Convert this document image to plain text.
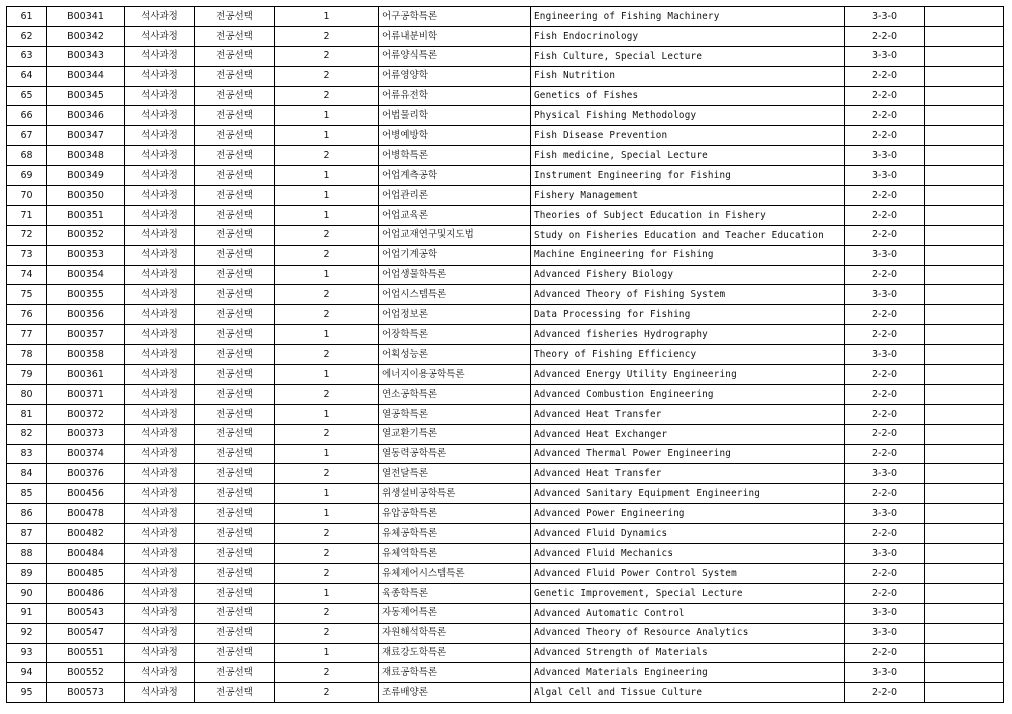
61	B00341	석사과정	전공선택	1	어구공학특론	Engineering of Fishing Machinery	3-3-0	
62	B00342	석사과정	전공선택	2	어류내분비학	Fish Endocrinology	2-2-0	
63	B00343	석사과정	전공선택	2	어류양식특론	Fish Culture, Special Lecture	3-3-0	
64	B00344	석사과정	전공선택	2	어류영양학	Fish Nutrition	2-2-0	
65	B00345	석사과정	전공선택	2	어류유전학	Genetics of Fishes	2-2-0	
66	B00346	석사과정	전공선택	1	어법물리학	Physical Fishing Methodology	2-2-0	
67	B00347	석사과정	전공선택	1	어병예방학	Fish Disease Prevention	2-2-0	
68	B00348	석사과정	전공선택	2	어병학특론	Fish medicine, Special Lecture	3-3-0	
69	B00349	석사과정	전공선택	1	어업계측공학	Instrument Engineering for Fishing	3-3-0	
70	B00350	석사과정	전공선택	1	어업관리론	Fishery Management	2-2-0	
71	B00351	석사과정	전공선택	1	어업교육론	Theories of Subject Education in Fishery	2-2-0	
72	B00352	석사과정	전공선택	2	어업교재연구및지도법	Study on Fisheries Education and Teacher Education	2-2-0	
73	B00353	석사과정	전공선택	2	어업기계공학	Machine Engineering for Fishing	3-3-0	
74	B00354	석사과정	전공선택	1	어업생물학특론	Advanced Fishery Biology	2-2-0	
75	B00355	석사과정	전공선택	2	어업시스템특론	Advanced Theory of Fishing System	3-3-0	
76	B00356	석사과정	전공선택	2	어업정보론	Data Processing for Fishing	2-2-0	
77	B00357	석사과정	전공선택	1	어장학특론	Advanced fisheries Hydrography	2-2-0	
78	B00358	석사과정	전공선택	2	어획성능론	Theory of Fishing Efficiency	3-3-0	
79	B00361	석사과정	전공선택	1	에너지이용공학특론	Advanced Energy Utility Engineering	2-2-0	
80	B00371	석사과정	전공선택	2	연소공학특론	Advanced Combustion Engineering	2-2-0	
81	B00372	석사과정	전공선택	1	열공학특론	Advanced Heat Transfer	2-2-0	
82	B00373	석사과정	전공선택	2	열교환기특론	Advanced Heat Exchanger	2-2-0	
83	B00374	석사과정	전공선택	1	열동력공학특론	Advanced Thermal Power Engineering	2-2-0	
84	B00376	석사과정	전공선택	2	열전달특론	Advanced Heat Transfer	3-3-0	
85	B00456	석사과정	전공선택	1	위생설비공학특론	Advanced Sanitary Equipment Engineering	2-2-0	
86	B00478	석사과정	전공선택	1	유압공학특론	Advanced Power Engineering	3-3-0	
87	B00482	석사과정	전공선택	2	유체공학특론	Advanced Fluid Dynamics	2-2-0	
88	B00484	석사과정	전공선택	2	유체역학특론	Advanced Fluid Mechanics	3-3-0	
89	B00485	석사과정	전공선택	2	유체제어시스템특론	Advanced Fluid Power Control System	2-2-0	
90	B00486	석사과정	전공선택	1	육종학특론	Genetic Improvement, Special Lecture	2-2-0	
91	B00543	석사과정	전공선택	2	자동제어특론	Advanced Automatic Control	3-3-0	
92	B00547	석사과정	전공선택	2	자원해석학특론	Advanced Theory of Resource Analytics	3-3-0	
93	B00551	석사과정	전공선택	1	재료강도학특론	Advanced Strength of Materials	2-2-0	
94	B00552	석사과정	전공선택	2	재료공학특론	Advanced Materials Engineering	3-3-0	
95	B00573	석사과정	전공선택	2	조류배양론	Algal Cell and Tissue Culture	2-2-0	
